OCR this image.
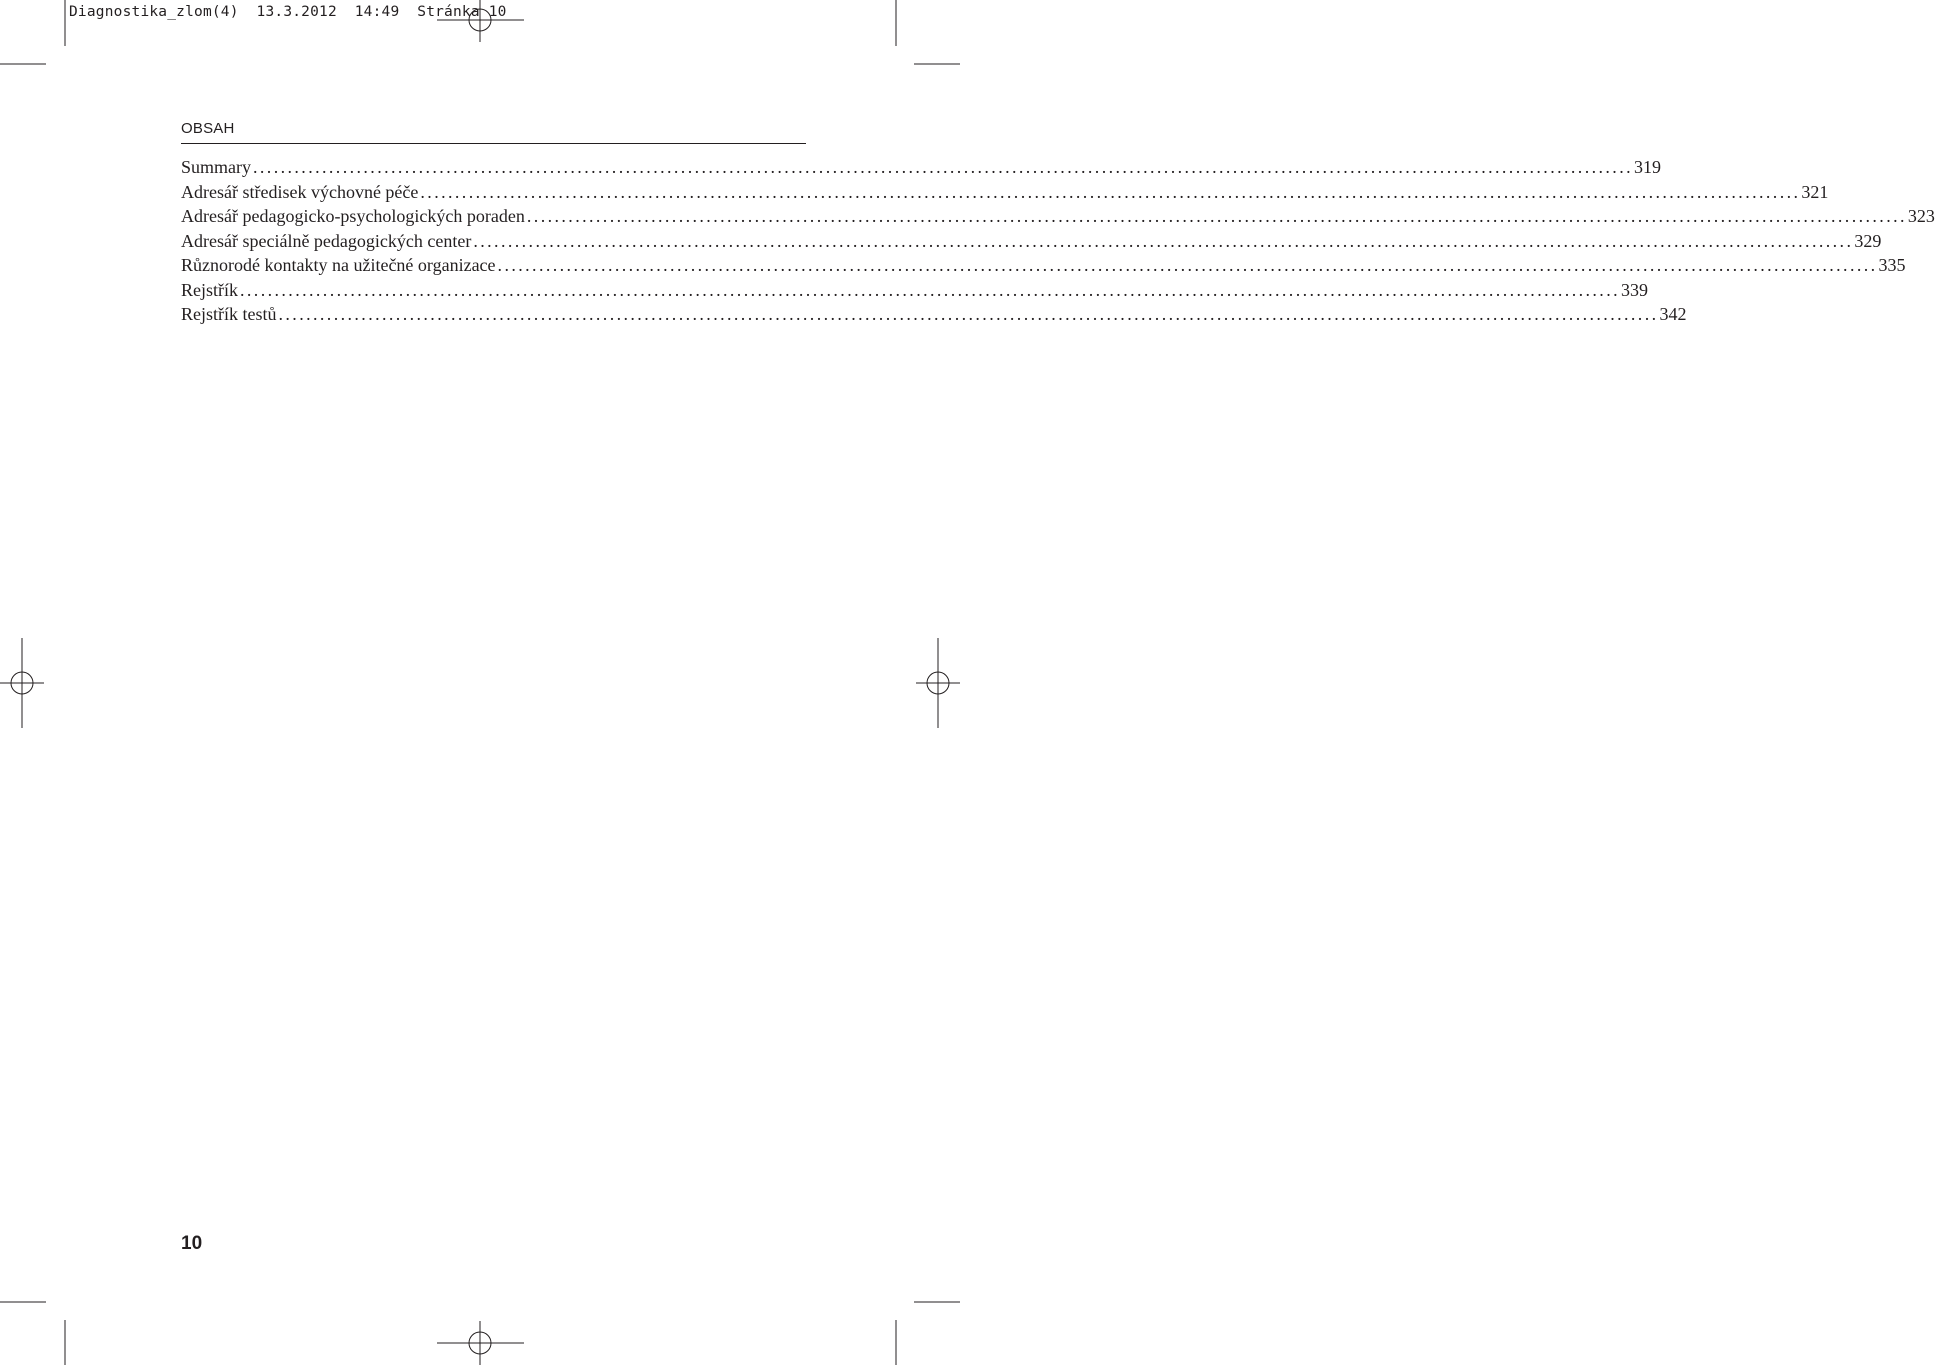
Diagnostika_zlom(4)  13.3.2012  14:49  Stránka 10
OBSAH
Summary ........................................................................................................................................................................................................ 319
Adresář středisek výchovné péče ........................................................................................................................................................................................................ 321
Adresář pedagogicko-psychologických poraden ........................................................................................................................................................................................................ 323
Adresář speciálně pedagogických center ........................................................................................................................................................................................................ 329
Různorodé kontakty na užitečné organizace ........................................................................................................................................................................................................ 335
Rejstřík ........................................................................................................................................................................................................ 339
Rejstřík testů ........................................................................................................................................................................................................ 342
10
